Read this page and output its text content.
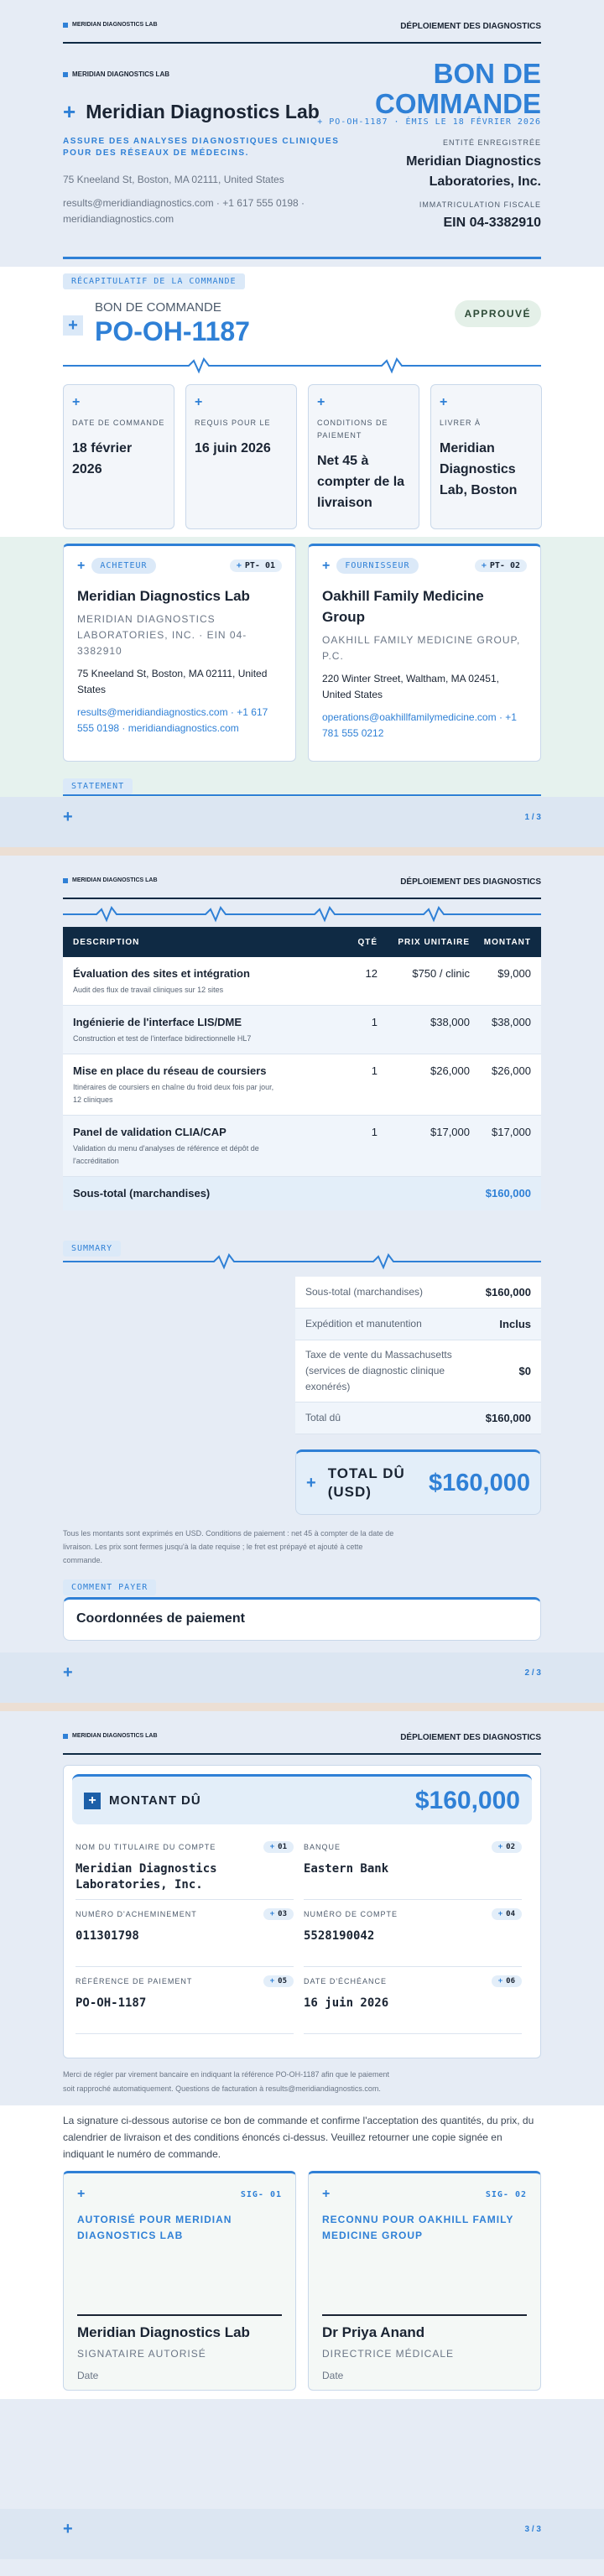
MERIDIAN DIAGNOSTICS LAB	DÉPLOIEMENT DES DIAGNOSTICS
MERIDIAN DIAGNOSTICS LAB
+ Meridian Diagnostics Lab
BON DE
COMMANDE
+ PO-OH-1187 · ÉMIS LE 18 FÉVRIER 2026
ASSURE DES ANALYSES DIAGNOSTIQUES CLINIQUES POUR DES RÉSEAUX DE MÉDECINS.
75 Kneeland St, Boston, MA 02111, United States
results@meridiandiagnostics.com · +1 617 555 0198 · meridiandiagnostics.com
ENTITÉ ENREGISTRÉE
Meridian Diagnostics Laboratories, Inc.
IMMATRICULATION FISCALE
EIN 04-3382910
RÉCAPITULATIF DE LA COMMANDE
+
BON DE COMMANDE
PO-OH-1187
APPROUVÉ
+
DATE DE COMMANDE
18 février 2026
+
REQUIS POUR LE
16 juin 2026
+
CONDITIONS DE PAIEMENT
Net 45 à compter de la livraison
+
LIVRER À
Meridian Diagnostics Lab, Boston
+	ACHETEUR	+ PT- 01
Meridian Diagnostics Lab
MERIDIAN DIAGNOSTICS LABORATORIES, INC. · EIN 04-3382910
75 Kneeland St, Boston, MA 02111, United States
results@meridiandiagnostics.com · +1 617 555 0198 · meridiandiagnostics.com
+	FOURNISSEUR	+ PT- 02
Oakhill Family Medicine Group
OAKHILL FAMILY MEDICINE GROUP, P.C.
220 Winter Street, Waltham, MA 02451, United States
operations@oakhillfamilymedicine.com · +1 781 555 0212
STATEMENT
+	1 / 3
MERIDIAN DIAGNOSTICS LAB	DÉPLOIEMENT DES DIAGNOSTICS
DESCRIPTION	QTÉ	PRIX UNITAIRE	MONTANT

Évaluation des sites et intégration
Audit des flux de travail cliniques sur 12 sites	12	$750 / clinic	$9,000

Ingénierie de l'interface LIS/DME
Construction et test de l'interface bidirectionnelle HL7	1	$38,000	$38,000

Mise en place du réseau de coursiers
Itinéraires de coursiers en chaîne du froid deux fois par jour, 12 cliniques	1	$26,000	$26,000

Panel de validation CLIA/CAP
Validation du menu d'analyses de référence et dépôt de l'accréditation	1	$17,000	$17,000
Sous-total (marchandises)			$160,000
SUMMARY
Sous-total (marchandises)	$160,000
Expédition et manutention	Inclus
Taxe de vente du Massachusetts (services de diagnostic clinique exonérés)
$0
Total dû	$160,000
+ TOTAL DÛ (USD)	$160,000
Tous les montants sont exprimés en USD. Conditions de paiement : net 45 à compter de la date de livraison. Les prix sont fermes jusqu'à la date requise ; le fret est prépayé et ajouté à cette commande.
COMMENT PAYER
Coordonnées de paiement
+	2 / 3
MERIDIAN DIAGNOSTICS LAB	DÉPLOIEMENT DES DIAGNOSTICS
+	MONTANT DÛ	$160,000
NOM DU TITULAIRE DU COMPTE	+ 01
Meridian Diagnostics Laboratories, Inc.
BANQUE	+ 02
Eastern Bank
NUMÉRO D'ACHEMINEMENT	+ 03
011301798
NUMÉRO DE COMPTE	+ 04
5528190042
RÉFÉRENCE DE PAIEMENT	+ 05
PO-OH-1187
DATE D'ÉCHÉANCE	+ 06
16 juin 2026
Merci de régler par virement bancaire en indiquant la référence PO-OH-1187 afin que le paiement soit rapproché automatiquement. Questions de facturation à results@meridiandiagnostics.com.
La signature ci-dessous autorise ce bon de commande et confirme l'acceptation des quantités, du prix, du calendrier de livraison et des conditions énoncés ci-dessus. Veuillez retourner une copie signée en indiquant le numéro de commande.
+	SIG- 01
AUTORISÉ POUR MERIDIAN DIAGNOSTICS LAB
Meridian Diagnostics Lab
SIGNATAIRE AUTORISÉ
Date
+	SIG- 02
RECONNU POUR OAKHILL FAMILY MEDICINE GROUP
Dr Priya Anand
DIRECTRICE MÉDICALE
Date
+	3 / 3
